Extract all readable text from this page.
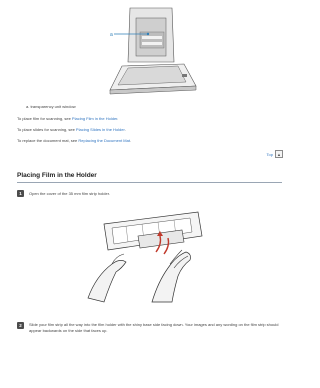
a
a. transparency unit window
To place film for scanning, see Placing Film in the Holder.
To place slides for scanning, see Placing Slides in the Holder.
To replace the document mat, see Replacing the Document Mat.
Top	▲
Placing Film in the Holder
1	Open the cover of the 35 mm film strip holder.
2	Slide your film strip all the way into the film holder with the shiny base side facing down. Your images and any wording on the film strip should appear backwards on the side that faces up.
